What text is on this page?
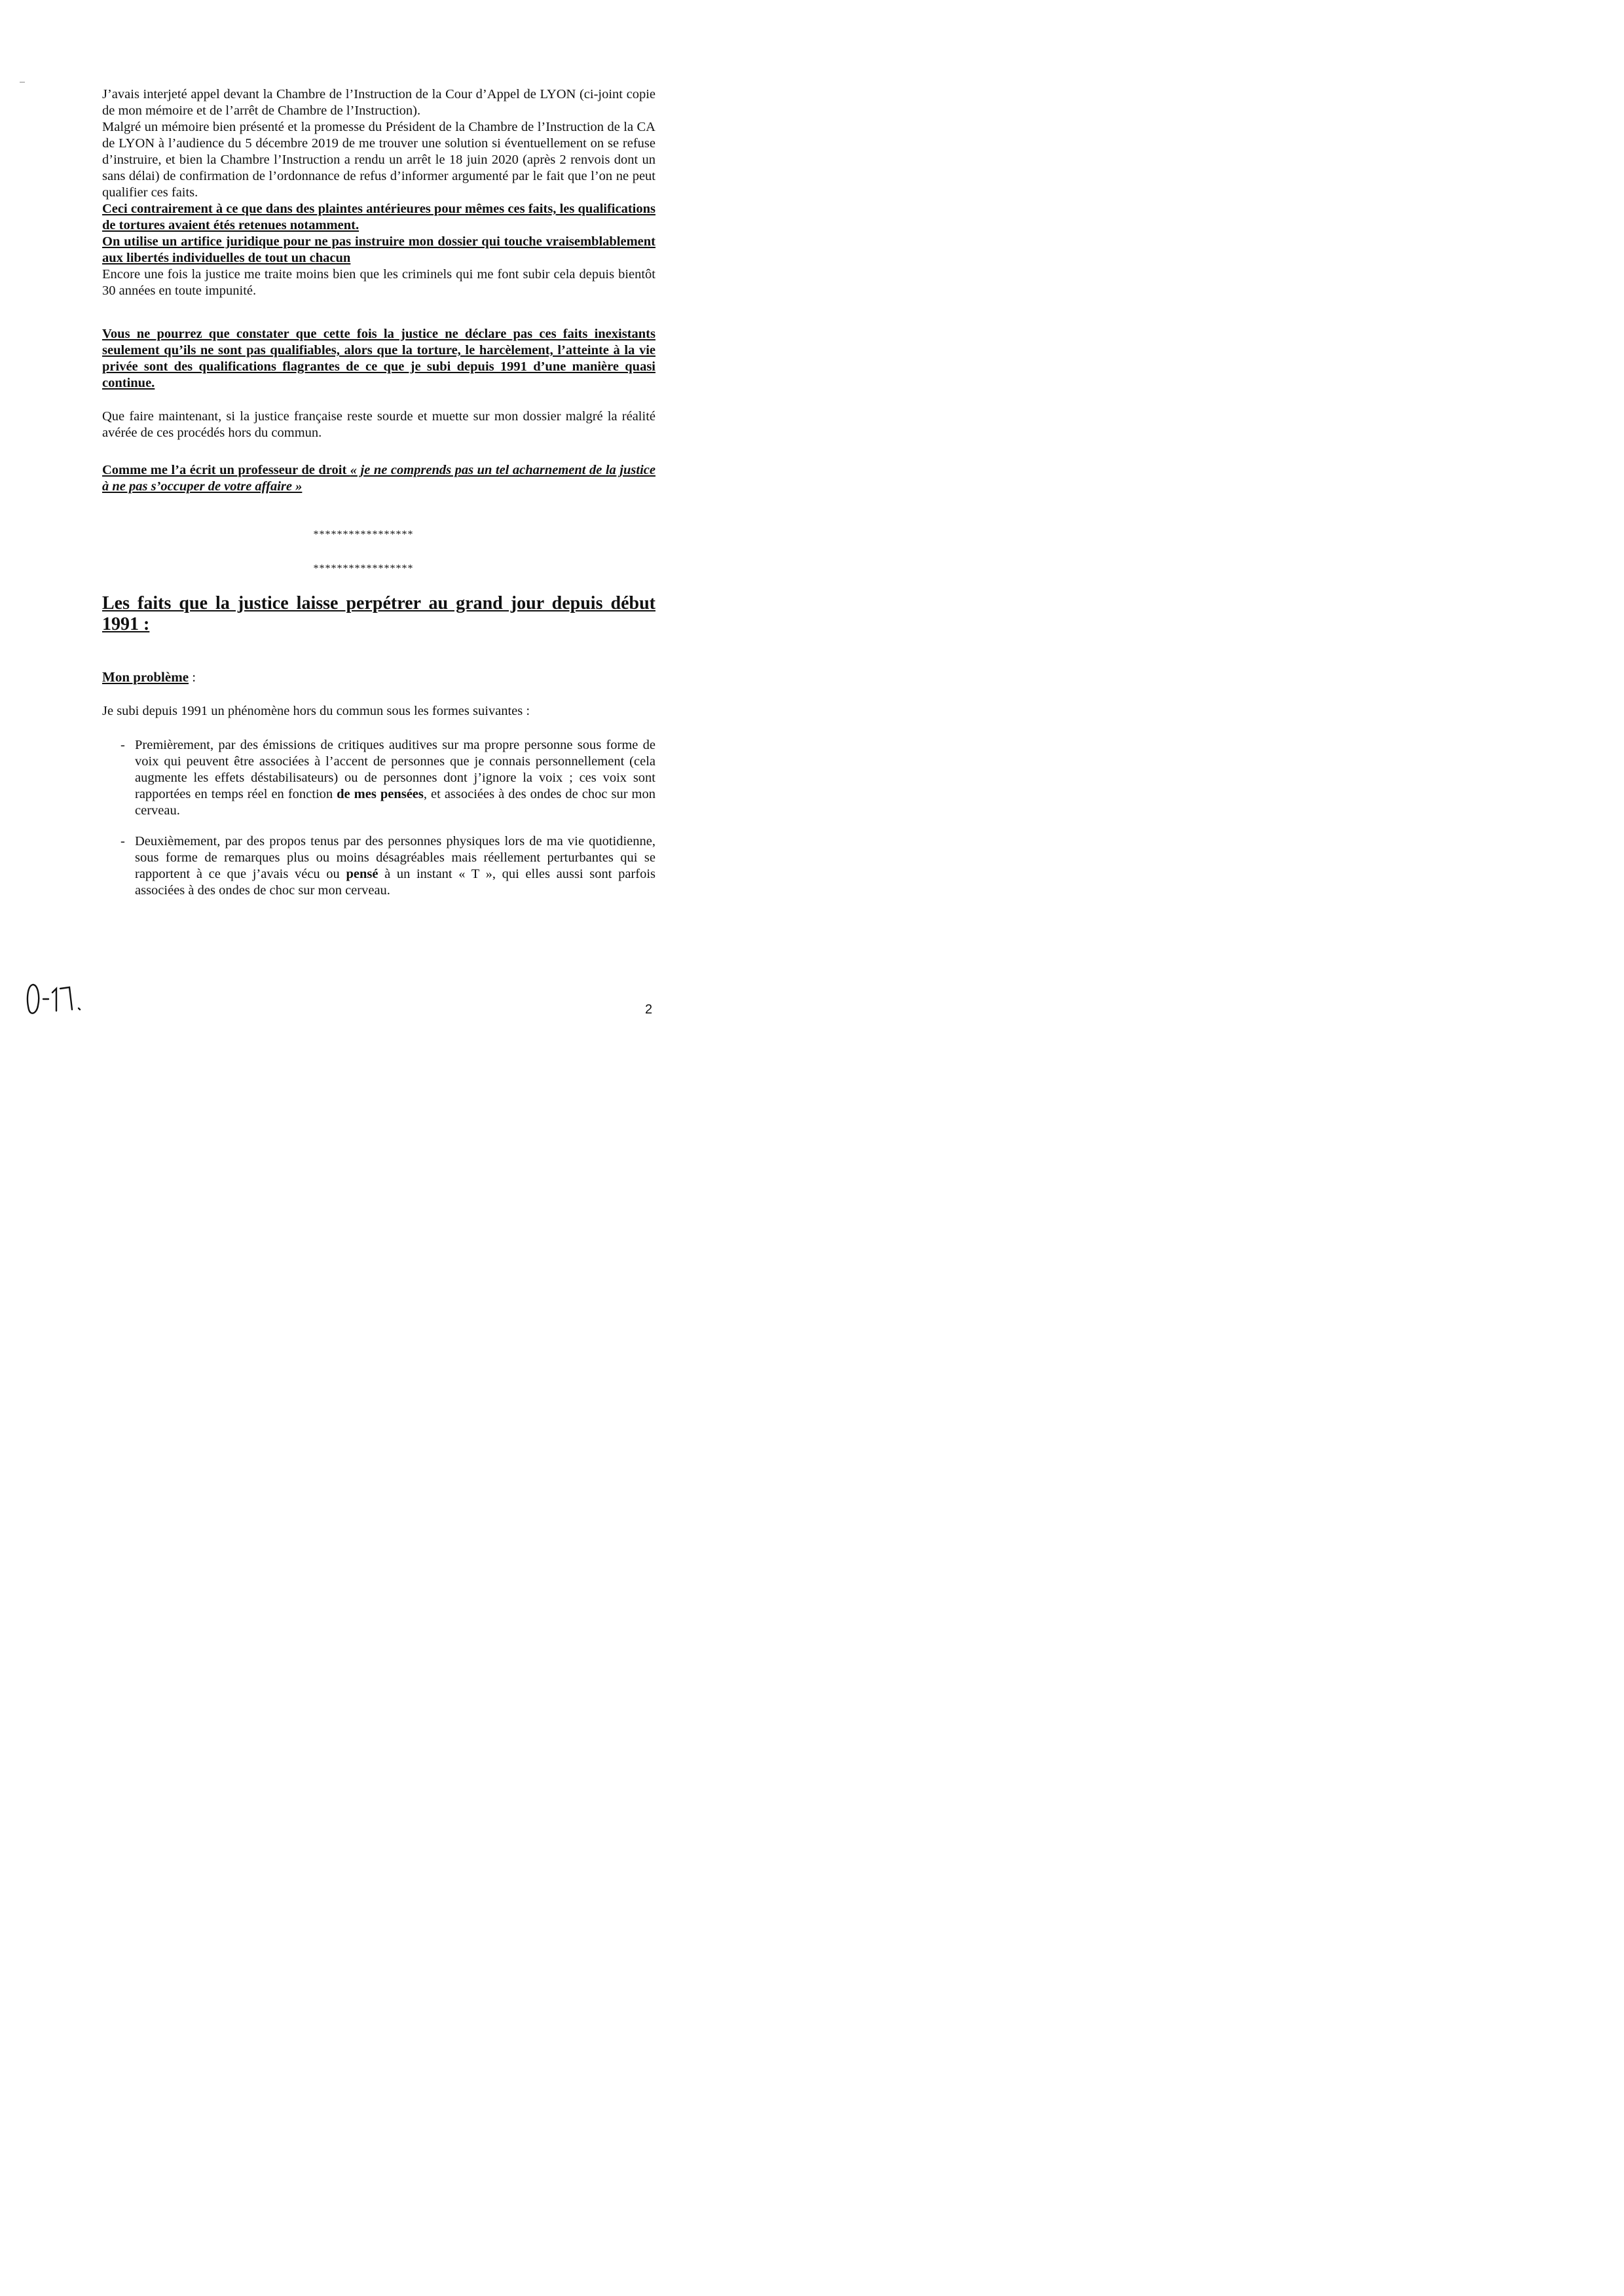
J’avais interjeté appel devant la Chambre de l’Instruction de la Cour d’Appel de LYON (ci-joint copie de mon mémoire et de l’arrêt de Chambre de l’Instruction).

Malgré un mémoire bien présenté et la promesse du Président de la Chambre de l’Instruction de la CA de LYON à l’audience du 5 décembre 2019 de me trouver une solution si éventuellement on se refuse d’instruire, et bien la Chambre l’Instruction a rendu un arrêt le 18 juin 2020 (après 2 renvois dont un sans délai) de confirmation de l’ordonnance de refus d’informer argumenté par le fait que l’on ne peut qualifier ces faits.

Ceci contrairement à ce que dans des plaintes antérieures pour mêmes ces faits, les qualifications de tortures avaient étés retenues notamment.

On utilise un artifice juridique pour ne pas instruire mon dossier qui touche vraisemblablement aux libertés individuelles de tout un chacun

Encore une fois la justice me traite moins bien que les criminels qui me font subir cela depuis bientôt 30 années en toute impunité.

Vous ne pourrez que constater que cette fois la justice ne déclare pas ces faits inexistants seulement qu’ils ne sont pas qualifiables, alors que la torture, le harcèlement, l’atteinte à la vie privée sont des qualifications flagrantes de ce que je subi depuis 1991 d’une manière quasi continue.

Que faire maintenant, si la justice française reste sourde et muette sur mon dossier malgré la réalité avérée de ces procédés hors du commun.

Comme me l’a écrit un professeur de droit « je ne comprends pas un tel acharnement de la justice à ne pas s’occuper de votre affaire »

*****************
*****************

Les faits que la justice laisse perpétrer au grand jour depuis début 1991 :

Mon problème :

Je subi depuis 1991 un phénomène hors du commun sous les formes suivantes :

- Premièrement, par des émissions de critiques auditives sur ma propre personne sous forme de voix qui peuvent être associées à l’accent de personnes que je connais personnellement (cela augmente les effets déstabilisateurs) ou de personnes dont j’ignore la voix ; ces voix sont rapportées en temps réel en fonction de mes pensées, et associées à des ondes de choc sur mon cerveau.
- Deuxièmement, par des propos tenus par des personnes physiques lors de ma vie quotidienne, sous forme de remarques plus ou moins désagréables mais réellement perturbantes qui se rapportent à ce que j’avais vécu ou pensé à un instant « T », qui elles aussi sont parfois associées à des ondes de choc sur mon cerveau.
2
